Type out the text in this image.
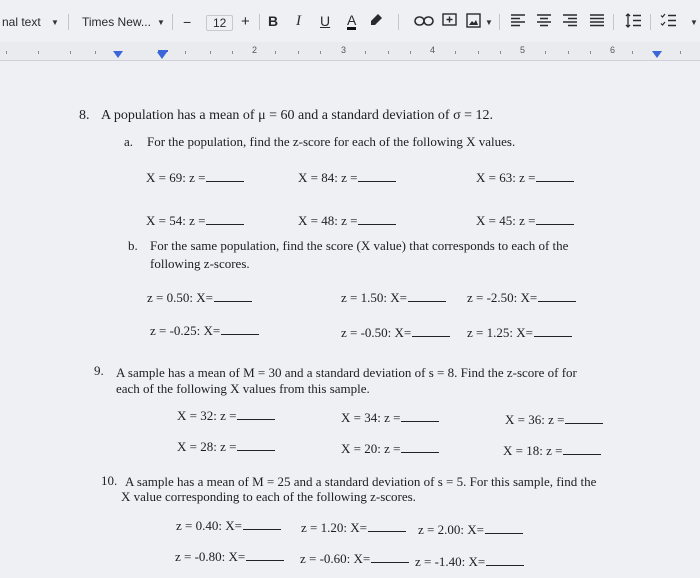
nal text ▼ Times New... ▼ −	12 + B I U A	▼	▼
2	3	4	5	6
8. A population has a mean of μ = 60 and a standard deviation of σ = 12.
a. For the population, find the z-score for each of the following X values.
X = 69: z =	X = 84: z =	X = 63: z =
X = 54: z =	X = 48: z =	X = 45: z =
b. For the same population, find the score (X value) that corresponds to each of the
following z-scores.
z = 0.50: X=	z = 1.50: X=	z = -2.50: X=
z = -0.25: X=	z = -0.50: X=	z = 1.25: X=
9. A sample has a mean of M = 30 and a standard deviation of s = 8. Find the z-score of for
each of the following X values from this sample.
X = 32: z =	X = 34: z =	X = 36: z =
X = 28: z =	X = 20: z =	X = 18: z =
10. A sample has a mean of M = 25 and a standard deviation of s = 5. For this sample, find the
X value corresponding to each of the following z-scores.
z = 0.40: X=	z = 1.20: X=	z = 2.00: X=
z = -0.80: X=	z = -0.60: X=	z = -1.40: X=
